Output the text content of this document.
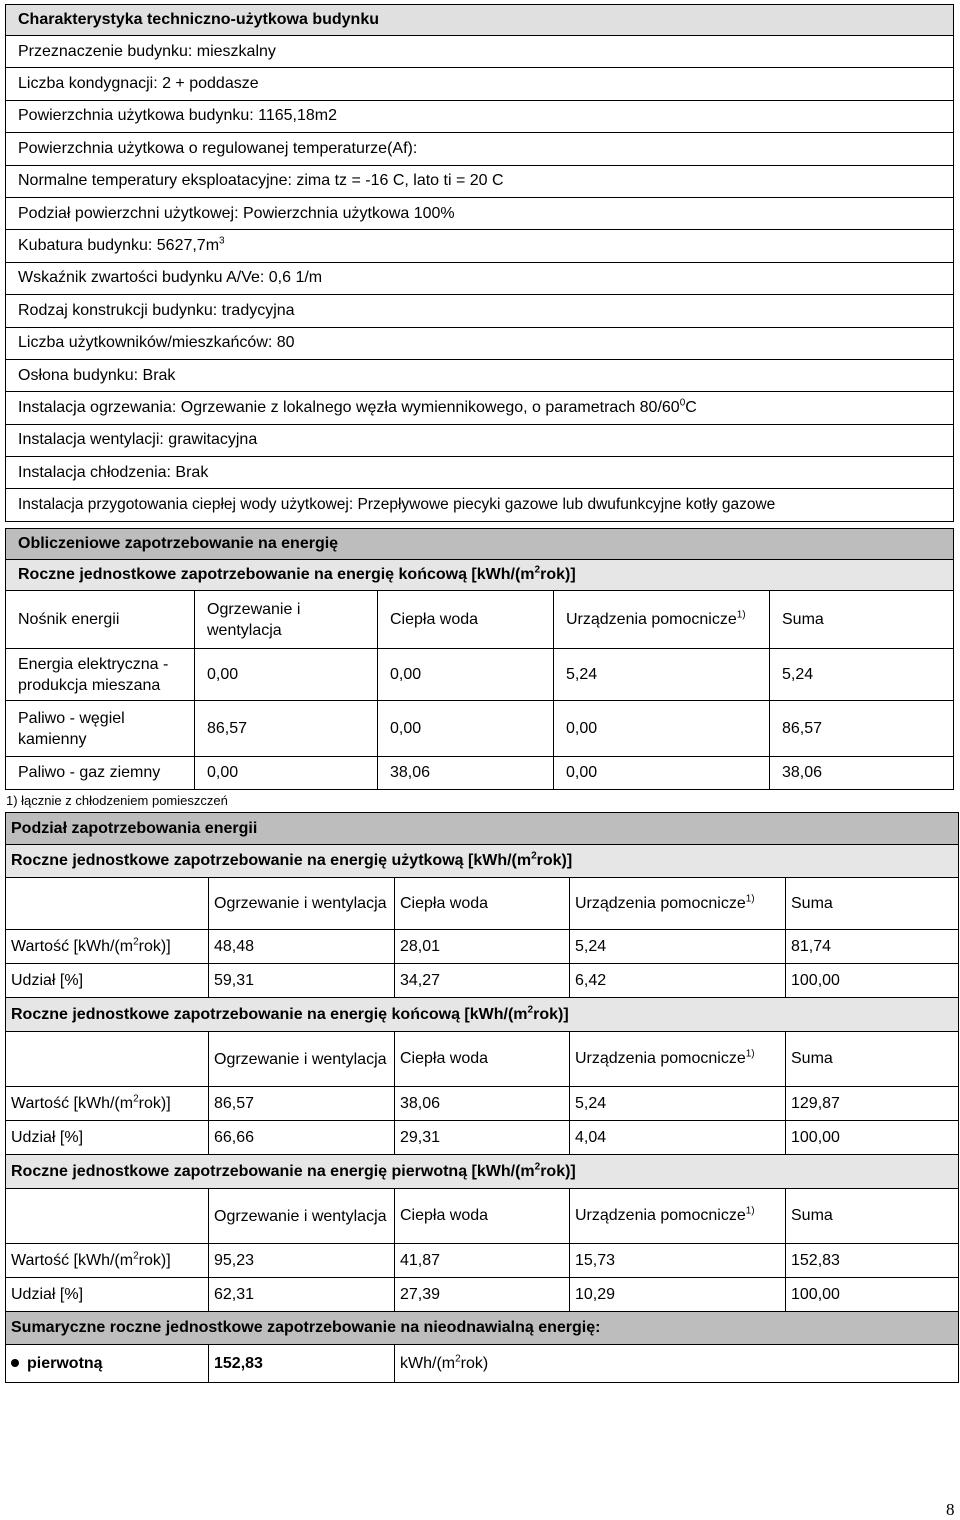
Charakterystyka techniczno-użytkowa budynku
Przeznaczenie budynku: mieszkalny
Liczba kondygnacji: 2 + poddasze
Powierzchnia użytkowa budynku: 1165,18m2
Powierzchnia użytkowa o regulowanej temperaturze(Af):
Normalne temperatury eksploatacyjne: zima tz = -16 C, lato ti = 20 C
Podział powierzchni użytkowej: Powierzchnia użytkowa 100%
Kubatura budynku: $5627,7m^3$
Wskaźnik zwartości budynku A/Ve: 0,6 1/m
Rodzaj konstrukcji budynku: tradycyjna
Liczba użytkowników/mieszkańców: 80
Osłona budynku: Brak
Instalacja ogrzewania: Ogrzewanie z lokalnego węzła wymiennikowego, o parametrach $80/60^0C$
Instalacja wentylacji: grawitacyjna
Instalacja chłodzenia: Brak
Instalacja przygotowania ciepłej wody użytkowej: Przepływowe piecyki gazowe lub dwufunkcyjne kotły gazowe
Obliczeniowe zapotrzebowanie na energię				
Roczne jednostkowe zapotrzebowanie na energię końcową $[kWh/(m^2rok)]$				
Nośnik energii	Ogrzewanie i wentylacja	Ciepła woda	Urządzenia pomocnicze$^{1)}$	Suma
Energia elektryczna - produkcja mieszana	0,00	0,00	5,24	5,24
Paliwo - węgiel kamienny	86,57	0,00	0,00	86,57
Paliwo - gaz ziemny	0,00	38,06	0,00	38,06
1) łącznie z chłodzeniem pomieszczeń
Podział zapotrzebowania energii				
Roczne jednostkowe zapotrzebowanie na energię użytkową $[kWh/(m^2rok)]$				
	Ogrzewanie i wentylacja	Ciepła woda	Urządzenia pomocnicze$^{1)}$	Suma
Wartość $[kWh/(m^2rok)]$	48,48	28,01	5,24	81,74
Udział [%]	59,31	34,27	6,42	100,00
Roczne jednostkowe zapotrzebowanie na energię końcową $[kWh/(m^2rok)]$				
	Ogrzewanie i wentylacja	Ciepła woda	Urządzenia pomocnicze$^{1)}$	Suma
Wartość $[kWh/(m^2rok)]$	86,57	38,06	5,24	129,87
Udział [%]	66,66	29,31	4,04	100,00
Roczne jednostkowe zapotrzebowanie na energię pierwotną $[kWh/(m^2rok)]$				
	Ogrzewanie i wentylacja	Ciepła woda	Urządzenia pomocnicze$^{1)}$	Suma
Wartość $[kWh/(m^2rok)]$	95,23	41,87	15,73	152,83
Udział [%]	62,31	27,39	10,29	100,00
Sumaryczne roczne jednostkowe zapotrzebowanie na nieodnawialną energię:				
pierwotną	152,83	kWh/$(m^2rok)$		
8
